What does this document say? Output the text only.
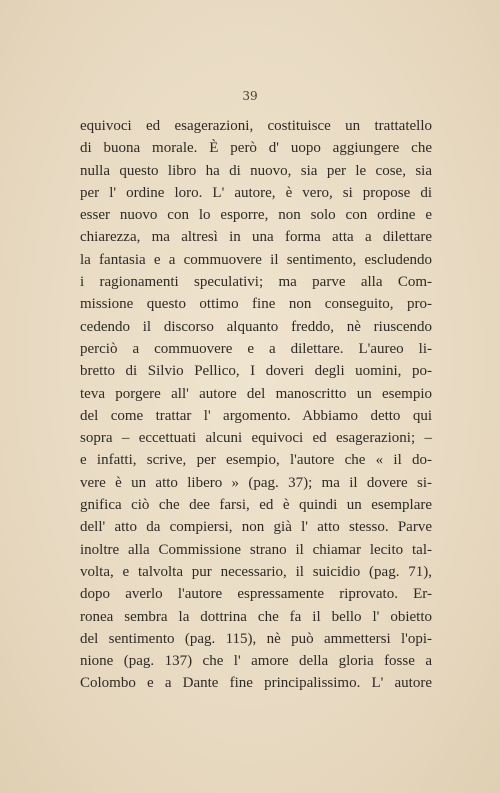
39
equivoci ed esagerazioni, costituisce un trattatello
di buona morale. È però d' uopo aggiungere che
nulla questo libro ha di nuovo, sia per le cose, sia
per l' ordine loro. L' autore, è vero, si propose di
esser nuovo con lo esporre, non solo con ordine e
chiarezza, ma altresì in una forma atta a dilettare
la fantasia e a commuovere il sentimento, escludendo
i ragionamenti speculativi; ma parve alla Com-
missione questo ottimo fine non conseguito, pro-
cedendo il discorso alquanto freddo, nè riuscendo
perciò a commuovere e a dilettare. L'aureo li-
bretto di Silvio Pellico, I doveri degli uomini, po-
teva porgere all' autore del manoscritto un esempio
del come trattar l' argomento. Abbiamo detto qui
sopra – eccettuati alcuni equivoci ed esagerazioni; –
e infatti, scrive, per esempio, l'autore che « il do-
vere è un atto libero » (pag. 37); ma il dovere si-
gnifica ciò che dee farsi, ed è quindi un esemplare
dell' atto da compiersi, non già l' atto stesso. Parve
inoltre alla Commissione strano il chiamar lecito tal-
volta, e talvolta pur necessario, il suicidio (pag. 71),
dopo averlo l'autore espressamente riprovato. Er-
ronea sembra la dottrina che fa il bello l' obietto
del sentimento (pag. 115), nè può ammettersi l'opi-
nione (pag. 137) che l' amore della gloria fosse a
Colombo e a Dante fine principalissimo. L' autore
